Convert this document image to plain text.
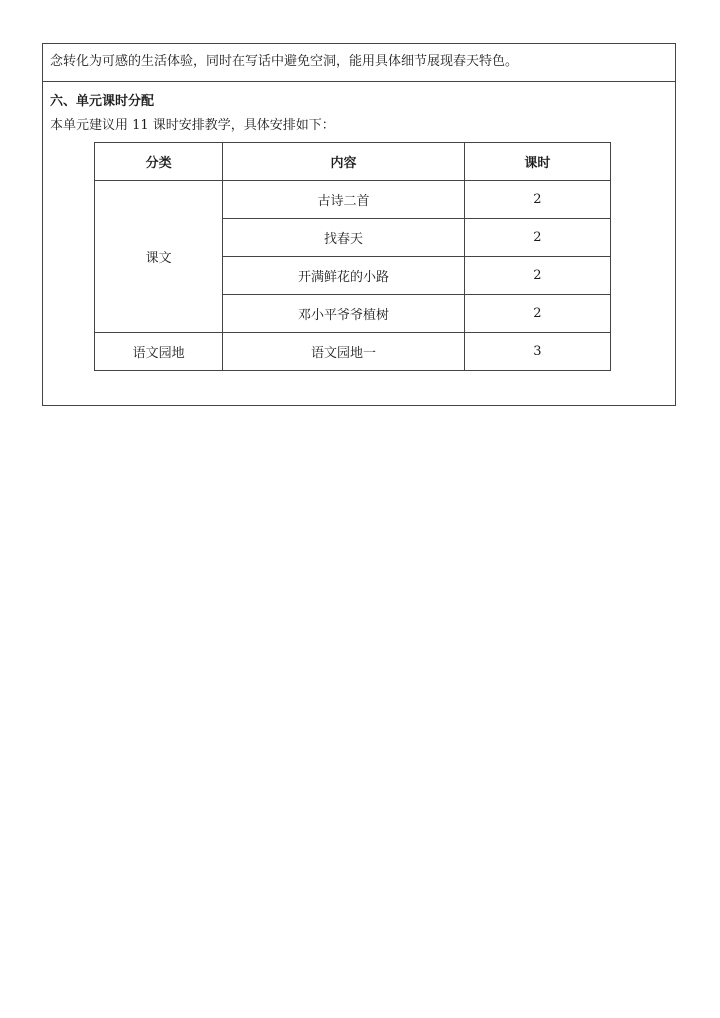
念转化为可感的生活体验，同时在写话中避免空洞，能用具体细节展现春天特色。
六、单元课时分配
本单元建议用 11 课时安排教学，具体安排如下：
分类	内容	课时
课文	古诗二首	2
	找春天	2
	开满鲜花的小路	2
	邓小平爷爷植树	2
语文园地	语文园地一	3
